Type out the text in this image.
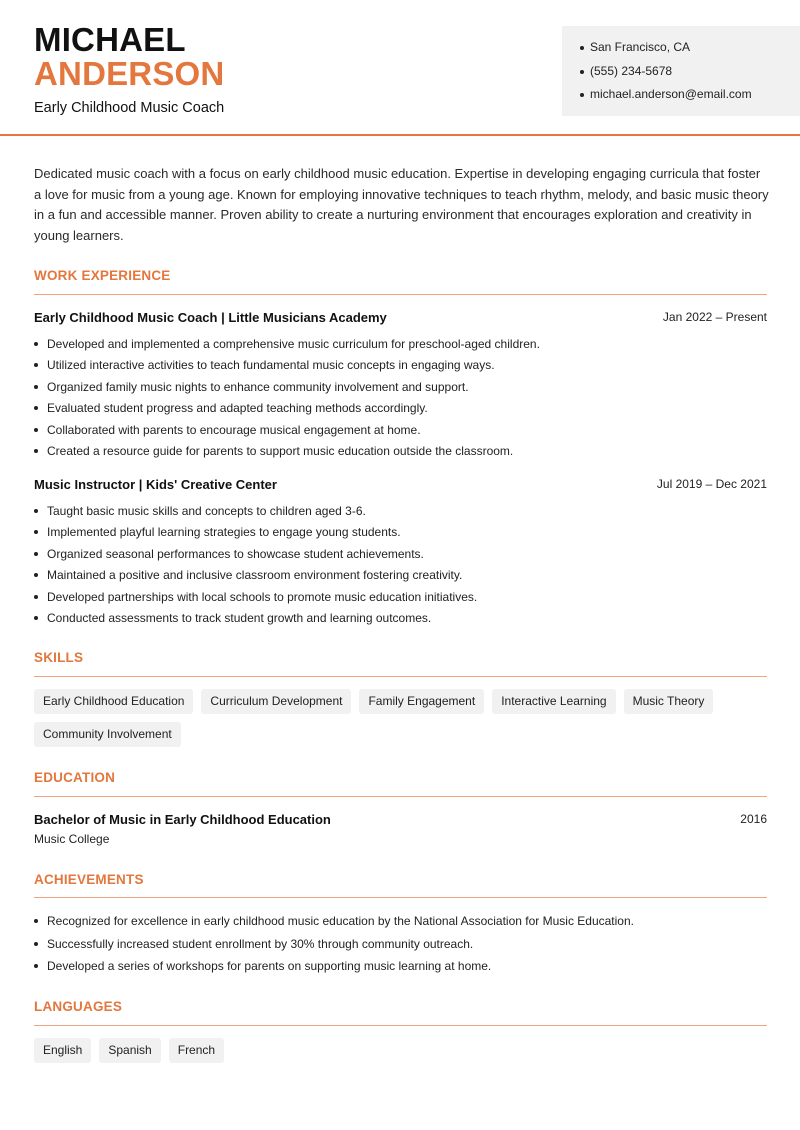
MICHAEL
ANDERSON
Early Childhood Music Coach
San Francisco, CA
(555) 234-5678
michael.anderson@email.com
Dedicated music coach with a focus on early childhood music education. Expertise in developing engaging curricula that foster a love for music from a young age. Known for employing innovative techniques to teach rhythm, melody, and basic music theory in a fun and accessible manner. Proven ability to create a nurturing environment that encourages exploration and creativity in young learners.
WORK EXPERIENCE
Early Childhood Music Coach | Little Musicians Academy	Jan 2022 – Present
Developed and implemented a comprehensive music curriculum for preschool-aged children.
Utilized interactive activities to teach fundamental music concepts in engaging ways.
Organized family music nights to enhance community involvement and support.
Evaluated student progress and adapted teaching methods accordingly.
Collaborated with parents to encourage musical engagement at home.
Created a resource guide for parents to support music education outside the classroom.
Music Instructor | Kids' Creative Center	Jul 2019 – Dec 2021
Taught basic music skills and concepts to children aged 3-6.
Implemented playful learning strategies to engage young students.
Organized seasonal performances to showcase student achievements.
Maintained a positive and inclusive classroom environment fostering creativity.
Developed partnerships with local schools to promote music education initiatives.
Conducted assessments to track student growth and learning outcomes.
SKILLS
Early Childhood Education	Curriculum Development	Family Engagement	Interactive Learning	Music Theory
Community Involvement
EDUCATION
Bachelor of Music in Early Childhood Education	2016
Music College
ACHIEVEMENTS
Recognized for excellence in early childhood music education by the National Association for Music Education.
Successfully increased student enrollment by 30% through community outreach.
Developed a series of workshops for parents on supporting music learning at home.
LANGUAGES
English	Spanish	French
